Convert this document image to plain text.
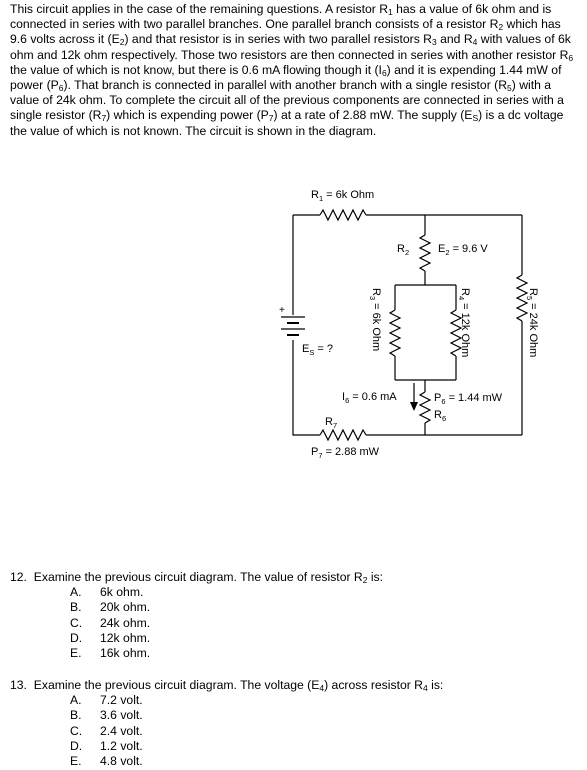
This circuit applies in the case of the remaining questions. A resistor $R_1$ has a value of 6k ohm and is connected in series with two parallel branches. One parallel branch consists of a resistor $R_2$ which has 9.6 volts across it $(E_2)$ and that resistor is in series with two parallel resistors $R_3$ and $R_4$ with values of 6k ohm and 12k ohm respectively. Those two resistors are then connected in series with another resistor $R_6$ the value of which is not know, but there is 0.6 mA flowing though it $(I_6)$ and it is expending 1.44 mW of power $(P_6)$. That branch is connected in parallel with another branch with a single resistor $(R_5)$ with a value of 24k ohm. To complete the circuit all of the previous components are connected in series with a single resistor $(R_7)$ which is expending power $(P_7)$ at a rate of 2.88 mW. The supply $(E_S)$ is a dc voltage the value of which is not known. The circuit is shown in the diagram.

+
$R_1 = 6k$ Ohm
$R_2$	$E_2 = 9.6$ V
$E_S$ = ?
$R_3 = 6k$ Ohm
$R_4 = 12k$ Ohm
$R_5 = 24k$ Ohm
$I_6 = 0.6$ mA	$P_6 = 1.44$ mW
$R_6$
$R_7$
$P_7 = 2.88$ mW
12. Examine the previous circuit diagram. The value of resistor $R_2$ is:
A.	6k ohm.
B.	20k ohm.
C.	24k ohm.
D.	12k ohm.
E.	16k ohm.
13. Examine the previous circuit diagram. The voltage $(E_4)$ across resistor $R_4$ is:
A.	7.2 volt.
B.	3.6 volt.
C.	2.4 volt.
D.	1.2 volt.
E.	4.8 volt.
